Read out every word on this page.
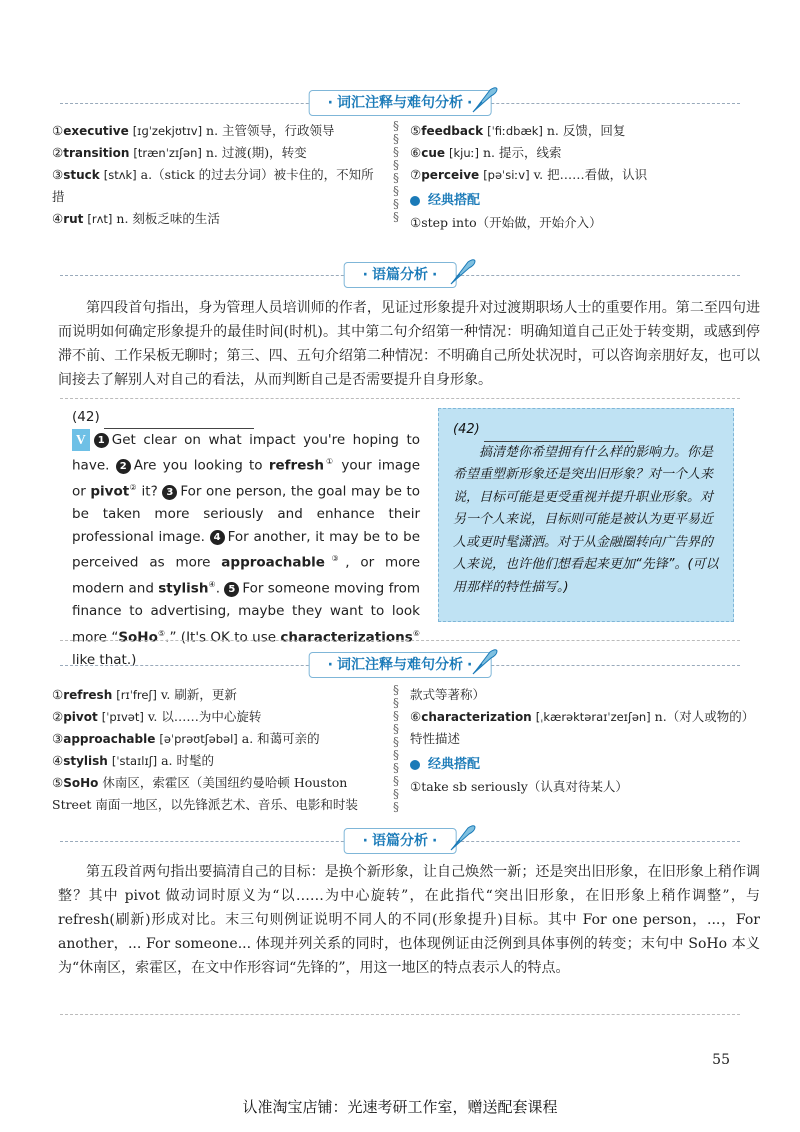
· 词汇注释与难句分析 ·
①executive [ɪɡˈzekjʊtɪv] n. 主管领导，行政领导
②transition [trænˈzɪʃən] n. 过渡(期)，转变
③stuck [stʌk] a.（stick 的过去分词）被卡住的，不知所措
④rut [rʌt] n. 刻板乏味的生活
§
§
§
§
§
§
§
§
⑤feedback [ˈfiːdbæk] n. 反馈，回复
⑥cue [kjuː] n. 提示，线索
⑦perceive [pəˈsiːv] v. 把……看做，认识
经典搭配
①step into（开始做，开始介入）
· 语篇分析 ·

第四段首句指出，身为管理人员培训师的作者，见证过形象提升对过渡期职场人士的重要作用。第二至四句进而说明如何确定形象提升的最佳时间(时机)。其中第二句介绍第一种情况：明确知道自己正处于转变期，或感到停滞不前、工作呆板无聊时；第三、四、五句介绍第二种情况：不明确自己所处状况时，可以咨询亲朋好友，也可以间接去了解别人对自己的看法，从而判断自己是否需要提升自身形象。

(42)
V 1 Get clear on what impact you're hoping to have. 2 Are you looking to refresh① your image or pivot② it? 3 For one person, the goal may be to be taken more seriously and enhance their professional image. 4 For another, it may be to be perceived as more approachable③, or more modern and stylish④. 5 For someone moving from finance to advertising, maybe they want to look more “SoHo⑤.” (It's OK to use characterizations⑥ like that.)
(42)
搞清楚你希望拥有什么样的影响力。你是希望重塑新形象还是突出旧形象？对一个人来说，目标可能是更受重视并提升职业形象。对另一个人来说，目标则可能是被认为更平易近人或更时髦潇洒。对于从金融圈转向广告界的人来说，也许他们想看起来更加“先锋”。(可以用那样的特性描写。)
· 词汇注释与难句分析 ·
①refresh [rɪˈfreʃ] v. 刷新，更新
②pivot [ˈpɪvət] v. 以……为中心旋转
③approachable [əˈprəʊtʃəbəl] a. 和蔼可亲的
④stylish [ˈstaɪlɪʃ] a. 时髦的
⑤SoHo 休南区，索霍区（美国纽约曼哈顿 Houston Street 南面一地区，以先锋派艺术、音乐、电影和时装
§
§
§
§
§
§
§
§
§
§
款式等著称）
⑥characterization [ˌkærəktəraɪˈzeɪʃən] n.（对人或物的）特性描述
经典搭配
①take sb seriously（认真对待某人）
· 语篇分析 ·

第五段首两句指出要搞清自己的目标：是换个新形象，让自己焕然一新；还是突出旧形象，在旧形象上稍作调整？其中 pivot 做动词时原义为“以……为中心旋转”，在此指代“突出旧形象，在旧形象上稍作调整”，与 refresh(刷新)形成对比。末三句则例证说明不同人的不同(形象提升)目标。其中 For one person，...，For another，... For someone... 体现并列关系的同时，也体现例证由泛例到具体事例的转变；末句中 SoHo 本义为“休南区，索霍区，在文中作形容词“先锋的”，用这一地区的特点表示人的特点。

55
认准淘宝店铺：光速考研工作室，赠送配套课程
